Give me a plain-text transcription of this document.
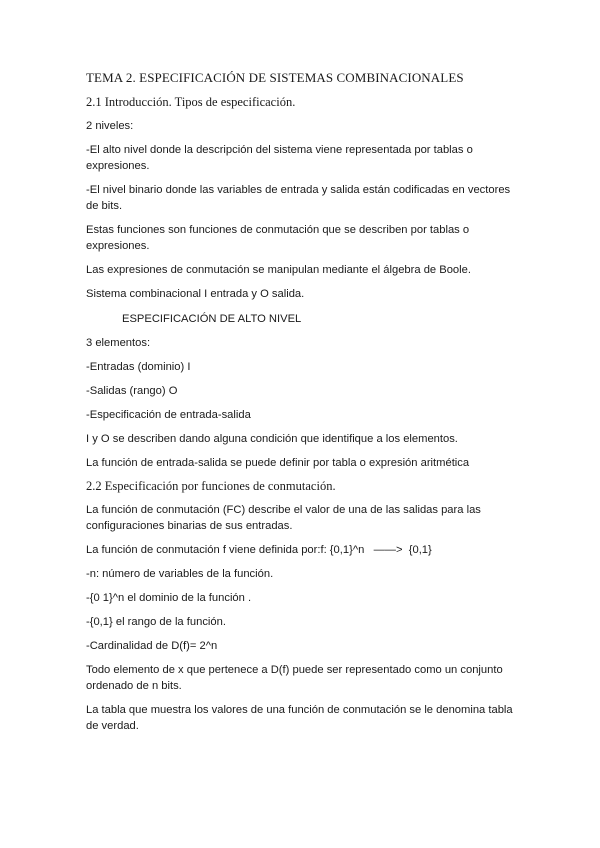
TEMA 2. ESPECIFICACIÓN DE SISTEMAS COMBINACIONALES

2.1 Introducción. Tipos de especificación.

2 niveles:

-El alto nivel donde la descripción del sistema viene representada por tablas o

expresiones.

-El nivel binario donde las variables de entrada y salida están codificadas en vectores

de bits.

Estas funciones son funciones de conmutación que se describen por tablas o

expresiones.

Las expresiones de conmutación se manipulan mediante el álgebra de Boole.

Sistema combinacional I entrada y O salida.

ESPECIFICACIÓN DE ALTO NIVEL

3 elementos:

-Entradas (dominio) I

-Salidas (rango) O

-Especificación de entrada-salida

I y O se describen dando alguna condición que identifique a los elementos.

La función de entrada-salida se puede definir por tabla o expresión aritmética

2.2 Especificación por funciones de conmutación.

La función de conmutación (FC) describe el valor de una de las salidas para las

configuraciones binarias de sus entradas.

La función de conmutación f viene definida por:f: {0,1}^n   ——>  {0,1}

-n: número de variables de la función.

-{0 1}^n el dominio de la función .

-{0,1} el rango de la función.

-Cardinalidad de D(f)= 2^n

Todo elemento de x que pertenece a D(f) puede ser representado como un conjunto

ordenado de n bits.

La tabla que muestra los valores de una función de conmutación se le denomina tabla

de verdad.
